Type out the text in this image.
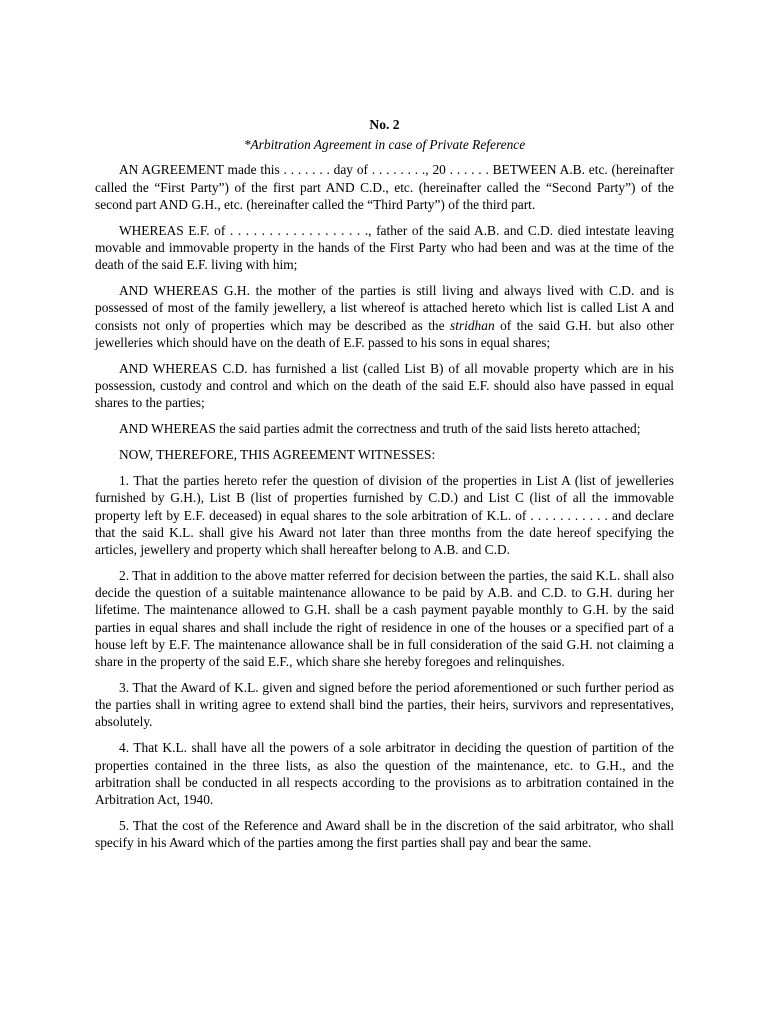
No. 2
*Arbitration Agreement in case of Private Reference

AN AGREEMENT made this . . . . . . . day of . . . . . . . ., 20 . . . . . . BETWEEN A.B. etc. (hereinafter called the “First Party”) of the first part AND C.D., etc. (hereinafter called the “Second Party”) of the second part AND G.H., etc. (hereinafter called the “Third Party”) of the third part.

WHEREAS E.F. of . . . . . . . . . . . . . . . . . ., father of the said A.B. and C.D. died intestate leaving movable and immovable property in the hands of the First Party who had been and was at the time of the death of the said E.F. living with him;

AND WHEREAS G.H. the mother of the parties is still living and always lived with C.D. and is possessed of most of the family jewellery, a list whereof is attached hereto which list is called List A and consists not only of properties which may be described as the stridhan of the said G.H. but also other jewelleries which should have on the death of E.F. passed to his sons in equal shares;

AND WHEREAS C.D. has furnished a list (called List B) of all movable property which are in his possession, custody and control and which on the death of the said E.F. should also have passed in equal shares to the parties;

AND WHEREAS the said parties admit the correctness and truth of the said lists hereto attached;

NOW, THEREFORE, THIS AGREEMENT WITNESSES:

1. That the parties hereto refer the question of division of the properties in List A (list of jewelleries furnished by G.H.), List B (list of properties furnished by C.D.) and List C (list of all the immovable property left by E.F. deceased) in equal shares to the sole arbitration of K.L. of . . . . . . . . . . . and declare that the said K.L. shall give his Award not later than three months from the date hereof specifying the articles, jewellery and property which shall hereafter belong to A.B. and C.D.

2. That in addition to the above matter referred for decision between the parties, the said K.L. shall also decide the question of a suitable maintenance allowance to be paid by A.B. and C.D. to G.H. during her lifetime. The maintenance allowed to G.H. shall be a cash payment payable monthly to G.H. by the said parties in equal shares and shall include the right of residence in one of the houses or a specified part of a house left by E.F. The maintenance allowance shall be in full consideration of the said G.H. not claiming a share in the property of the said E.F., which share she hereby foregoes and relinquishes.

3. That the Award of K.L. given and signed before the period aforementioned or such further period as the parties shall in writing agree to extend shall bind the parties, their heirs, survivors and representatives, absolutely.

4. That K.L. shall have all the powers of a sole arbitrator in deciding the question of partition of the properties contained in the three lists, as also the question of the maintenance, etc. to G.H., and the arbitration shall be conducted in all respects according to the provisions as to arbitration contained in the Arbitration Act, 1940.

5. That the cost of the Reference and Award shall be in the discretion of the said arbitrator, who shall specify in his Award which of the parties among the first parties shall pay and bear the same.
